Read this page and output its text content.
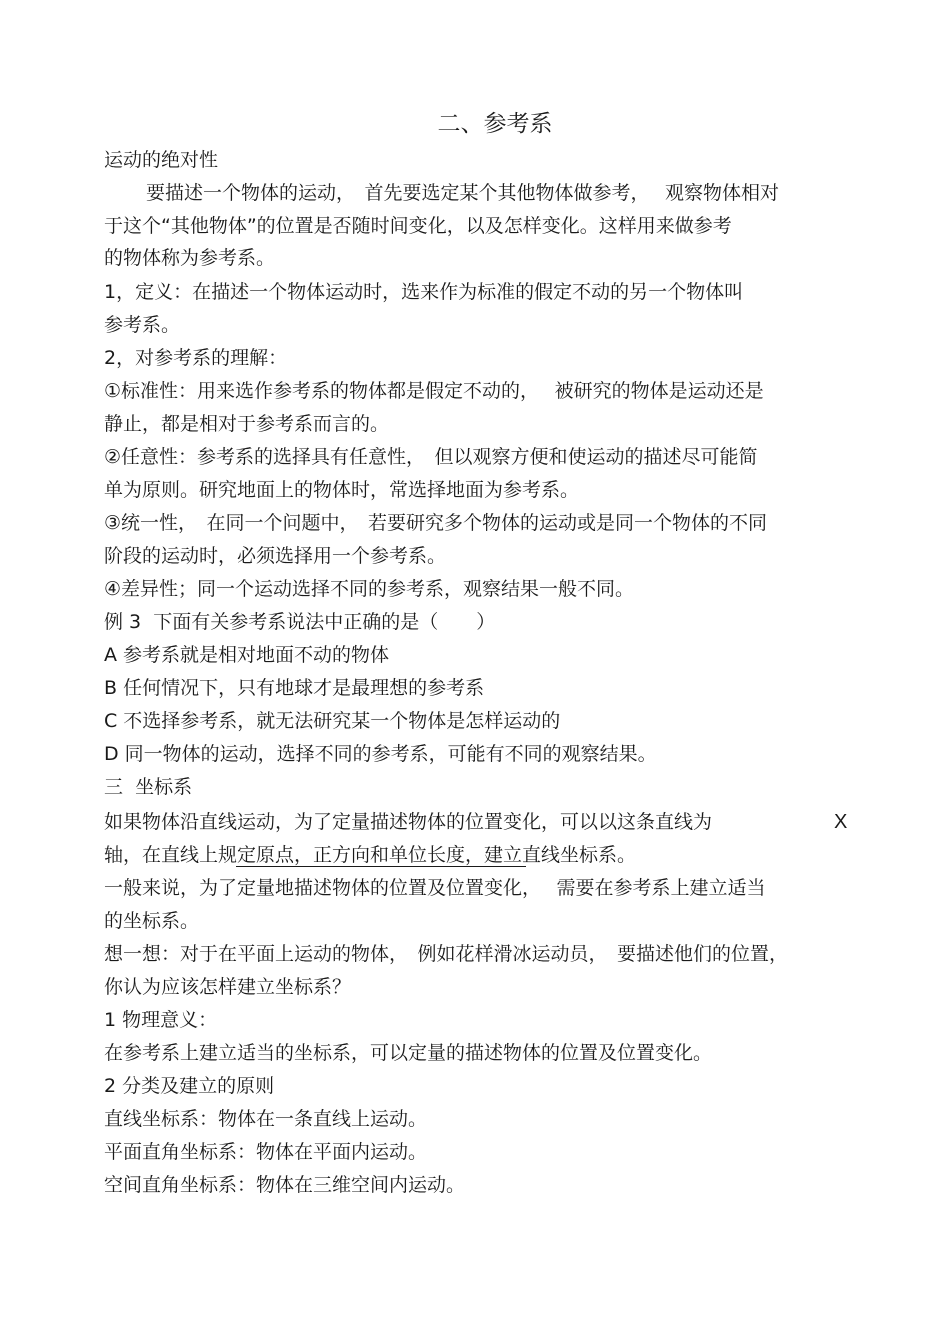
二、参考系
运动的绝对性
要描述一个物体的运动，　首先要选定某个其他物体做参考，　 观察物体相对
于这个“其他物体”的位置是否随时间变化，以及怎样变化。这样用来做参考
的物体称为参考系。
1，定义：在描述一个物体运动时，选来作为标准的假定不动的另一个物体叫
参考系。
2，对参考系的理解：
①标准性：用来选作参考系的物体都是假定不动的，　 被研究的物体是运动还是
静止，都是相对于参考系而言的。
②任意性：参考系的选择具有任意性，　但以观察方便和使运动的描述尽可能简
单为原则。研究地面上的物体时，常选择地面为参考系。
③统一性，　在同一个问题中，　若要研究多个物体的运动或是同一个物体的不同
阶段的运动时，必须选择用一个参考系。
④差异性；同一个运动选择不同的参考系，观察结果一般不同。
例 3  下面有关参考系说法中正确的是（　　）
A 参考系就是相对地面不动的物体
B 任何情况下，只有地球才是最理想的参考系
C 不选择参考系，就无法研究某一个物体是怎样运动的
D 同一物体的运动，选择不同的参考系，可能有不同的观察结果。
三  坐标系
如果物体沿直线运动，为了定量描述物体的位置变化，可以以这条直线为	X
轴，在直线上规定原点，正方向和单位长度，建立直线坐标系。
一般来说，为了定量地描述物体的位置及位置变化，　 需要在参考系上建立适当
的坐标系。
想一想：对于在平面上运动的物体，　例如花样滑冰运动员，　要描述他们的位置，
你认为应该怎样建立坐标系？
1 物理意义：
在参考系上建立适当的坐标系，可以定量的描述物体的位置及位置变化。
2 分类及建立的原则
直线坐标系：物体在一条直线上运动。
平面直角坐标系：物体在平面内运动。
空间直角坐标系：物体在三维空间内运动。
